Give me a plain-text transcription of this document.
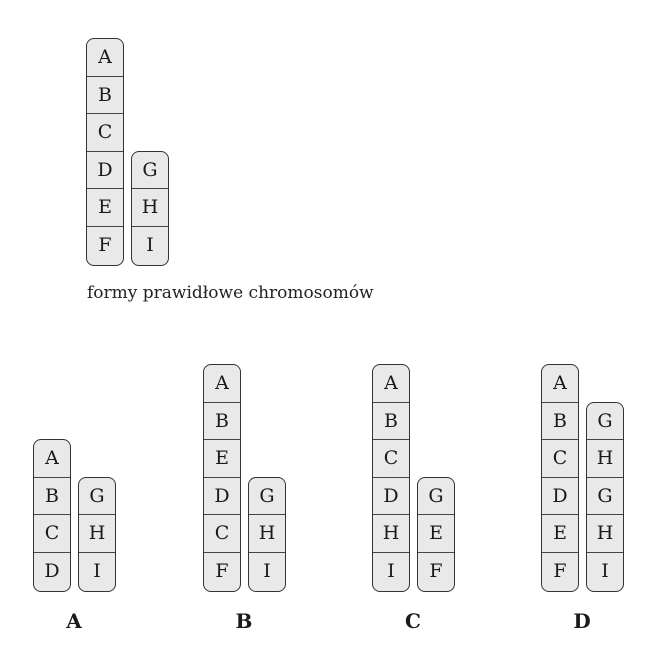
A
B
C
D
E
F
G
H
I
A
B
C
D
G
H
I
A
B
E
D
C
F
G
H
I
A
B
C
D
H
I
G
E
F
A
B
C
D
E
F
G
H
G
H
I
formy prawidłowe chromosomów
A	B	C	D
